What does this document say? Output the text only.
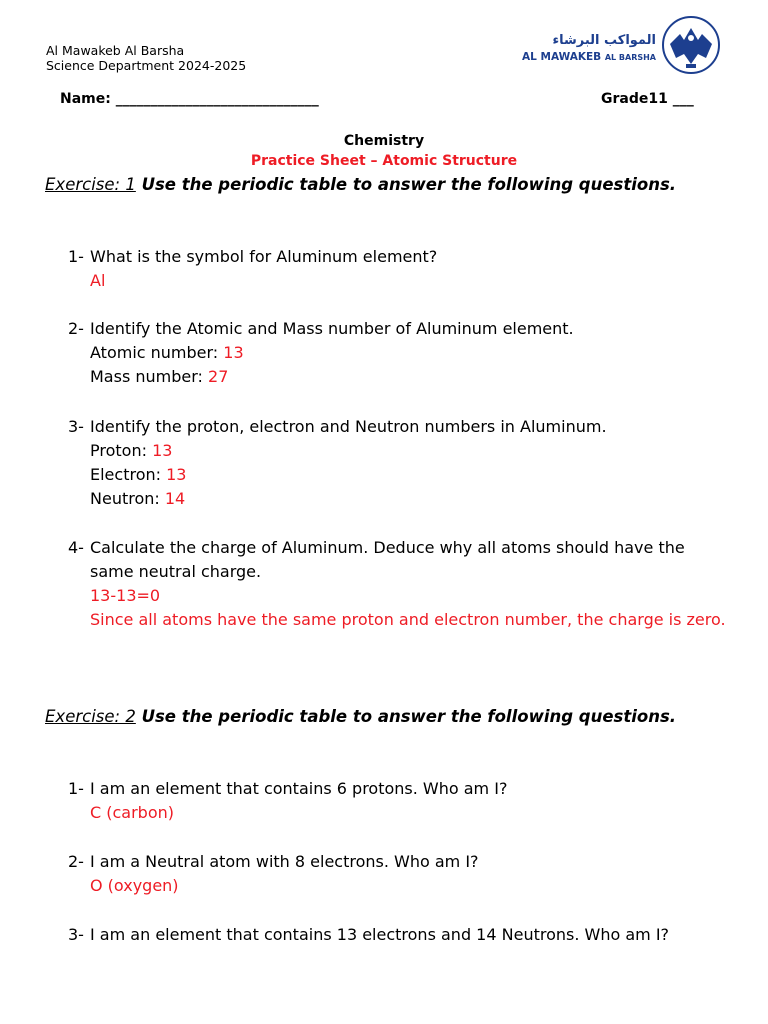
Al Mawakeb Al Barsha
Science Department 2024-2025
المواكب البرشاء
AL MAWAKEB AL BARSHA
Name: _____________________________	Grade11 ___
Chemistry
Practice Sheet – Atomic Structure
Exercise: 1 Use the periodic table to answer the following questions.
1- What is the symbol for Aluminum element?
Al
2- Identify the Atomic and Mass number of Aluminum element.
Atomic number: 13
Mass number: 27
3- Identify the proton, electron and Neutron numbers in Aluminum.
Proton: 13
Electron: 13
Neutron: 14
4- Calculate the charge of Aluminum. Deduce why all atoms should have the same neutral charge.
13-13=0
Since all atoms have the same proton and electron number, the charge is zero.
Exercise: 2 Use the periodic table to answer the following questions.
1- I am an element that contains 6 protons. Who am I?
C (carbon)
2- I am a Neutral atom with 8 electrons. Who am I?
O (oxygen)
3- I am an element that contains 13 electrons and 14 Neutrons. Who am I?
